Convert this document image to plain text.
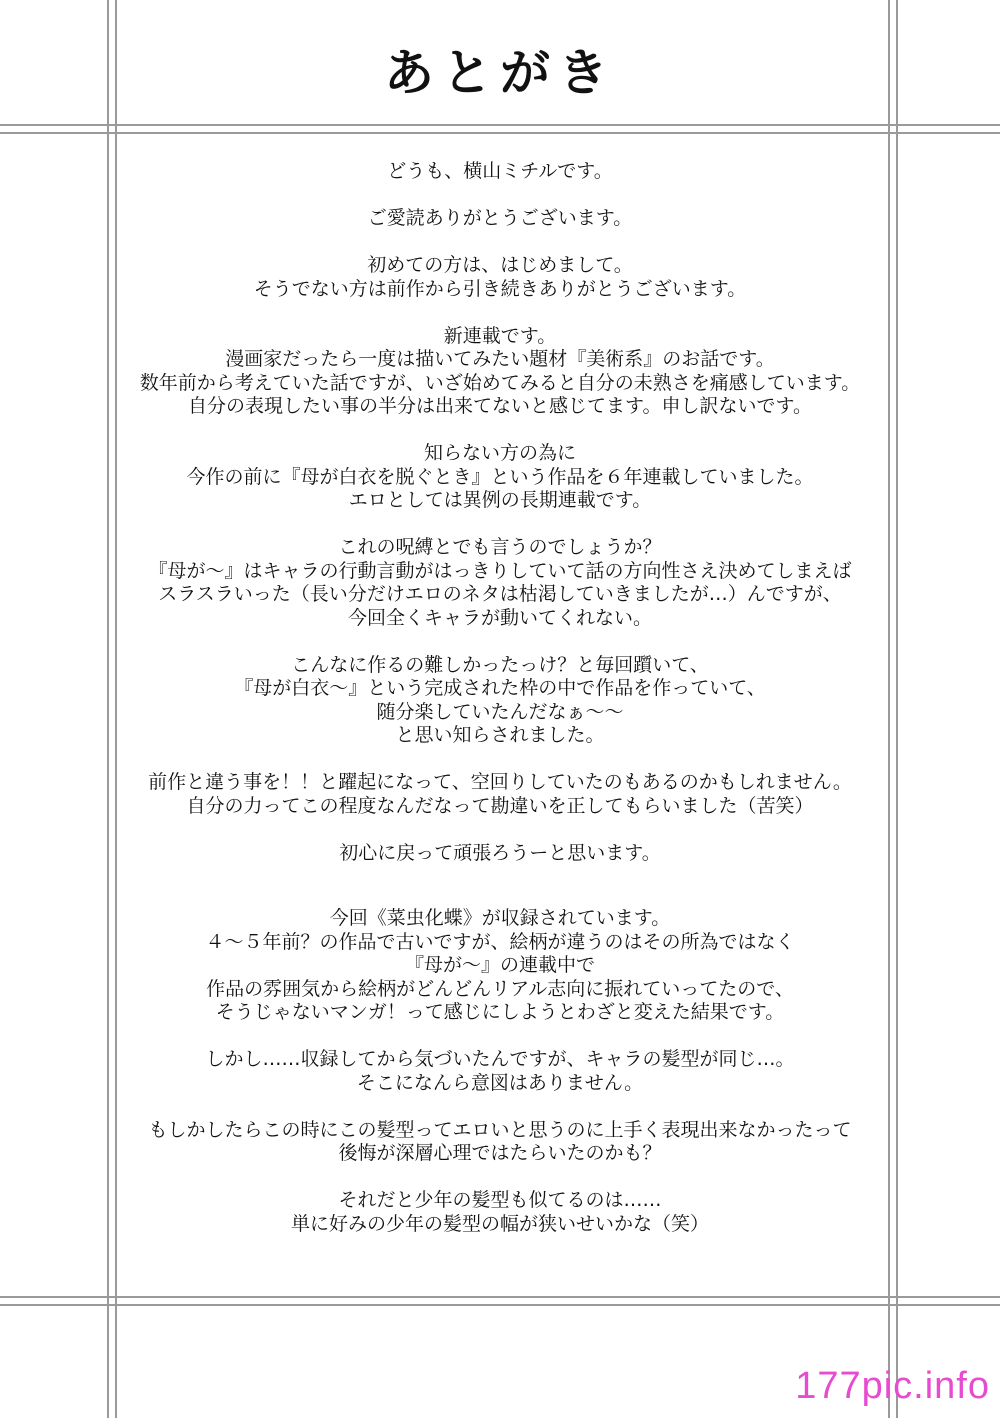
あとがき
どうも、横山ミチルです。
ご愛読ありがとうございます。
初めての方は、はじめまして。
そうでない方は前作から引き続きありがとうございます。
新連載です。
漫画家だったら一度は描いてみたい題材『美術系』のお話です。
数年前から考えていた話ですが、いざ始めてみると自分の未熟さを痛感しています。
自分の表現したい事の半分は出来てないと感じてます。申し訳ないです。
知らない方の為に
今作の前に『母が白衣を脱ぐとき』という作品を６年連載していました。
エロとしては異例の長期連載です。
これの呪縛とでも言うのでしょうか？
『母が～』はキャラの行動言動がはっきりしていて話の方向性さえ決めてしまえば
スラスラいった（長い分だけエロのネタは枯渇していきましたが…）んですが、
今回全くキャラが動いてくれない。
こんなに作るの難しかったっけ？と毎回躓いて、
『母が白衣～』という完成された枠の中で作品を作っていて、
随分楽していたんだなぁ～～
と思い知らされました。
前作と違う事を！！と躍起になって、空回りしていたのもあるのかもしれません。
自分の力ってこの程度なんだなって勘違いを正してもらいました（苦笑）
初心に戻って頑張ろうーと思います。
今回《菜虫化蝶》が収録されています。
４～５年前？の作品で古いですが、絵柄が違うのはその所為ではなく
『母が～』の連載中で
作品の雰囲気から絵柄がどんどんリアル志向に振れていってたので、
そうじゃないマンガ！って感じにしようとわざと変えた結果です。
しかし……収録してから気づいたんですが、キャラの髪型が同じ…。
そこになんら意図はありません。
もしかしたらこの時にこの髪型ってエロいと思うのに上手く表現出来なかったって
後悔が深層心理ではたらいたのかも？
それだと少年の髪型も似てるのは……
単に好みの少年の髪型の幅が狭いせいかな（笑）
177pic.info
